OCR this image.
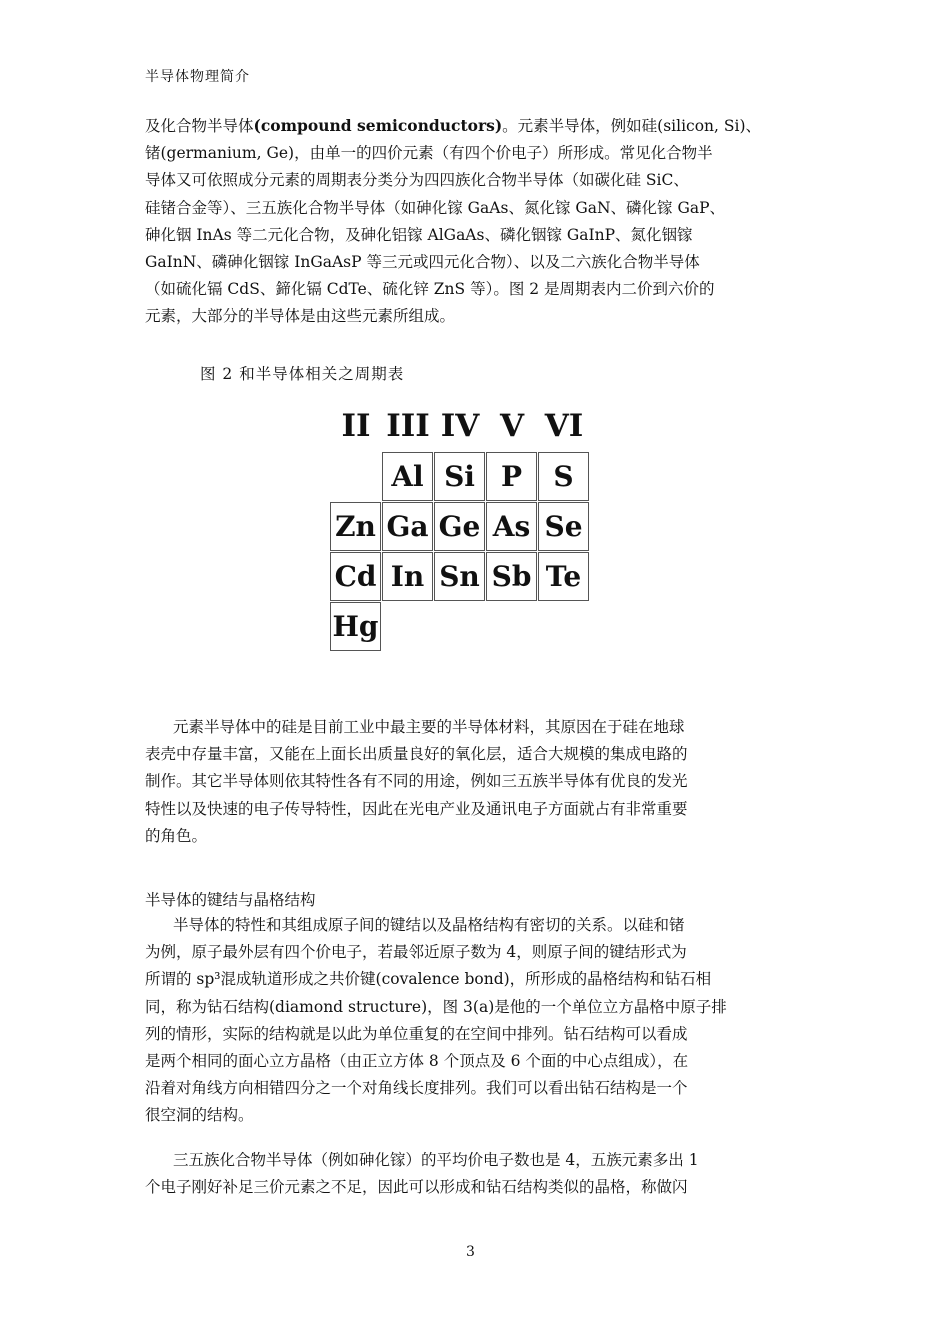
半导体物理简介
及化合物半导体(compound semiconductors)。元素半导体，例如硅(silicon, Si)、
锗(germanium, Ge)，由单一的四价元素（有四个价电子）所形成。常见化合物半
导体又可依照成分元素的周期表分类分为四四族化合物半导体（如碳化硅 SiC、
硅锗合金等）、三五族化合物半导体（如砷化镓 GaAs、氮化镓 GaN、磷化镓 GaP、
砷化铟 InAs 等二元化合物，及砷化铝镓 AlGaAs、磷化铟镓 GaInP、氮化铟镓
GaInN、磷砷化铟镓 InGaAsP 等三元或四元化合物）、以及二六族化合物半导体
（如硫化镉 CdS、鍗化镉 CdTe、硫化锌 ZnS 等）。图 2 是周期表内二价到六价的
元素，大部分的半导体是由这些元素所组成。
图 2 和半导体相关之周期表
II III IV V VI
Al Si P	S
Zn Ga Ge As Se
Cd In Sn Sb Te
Hg
元素半导体中的硅是目前工业中最主要的半导体材料，其原因在于硅在地球
表壳中存量丰富，又能在上面长出质量良好的氧化层，适合大规模的集成电路的
制作。其它半导体则依其特性各有不同的用途，例如三五族半导体有优良的发光
特性以及快速的电子传导特性，因此在光电产业及通讯电子方面就占有非常重要
的角色。
半导体的键结与晶格结构
半导体的特性和其组成原子间的键结以及晶格结构有密切的关系。以硅和锗
为例，原子最外层有四个价电子，若最邻近原子数为 4，则原子间的键结形式为
所谓的 sp³混成轨道形成之共价键(covalence bond)，所形成的晶格结构和钻石相
同，称为钻石结构(diamond structure)，图 3(a)是他的一个单位立方晶格中原子排
列的情形，实际的结构就是以此为单位重复的在空间中排列。钻石结构可以看成
是两个相同的面心立方晶格（由正立方体 8 个顶点及 6 个面的中心点组成），在
沿着对角线方向相错四分之一个对角线长度排列。我们可以看出钻石结构是一个
很空洞的结构。
三五族化合物半导体（例如砷化镓）的平均价电子数也是 4，五族元素多出 1
个电子刚好补足三价元素之不足，因此可以形成和钻石结构类似的晶格，称做闪
3
